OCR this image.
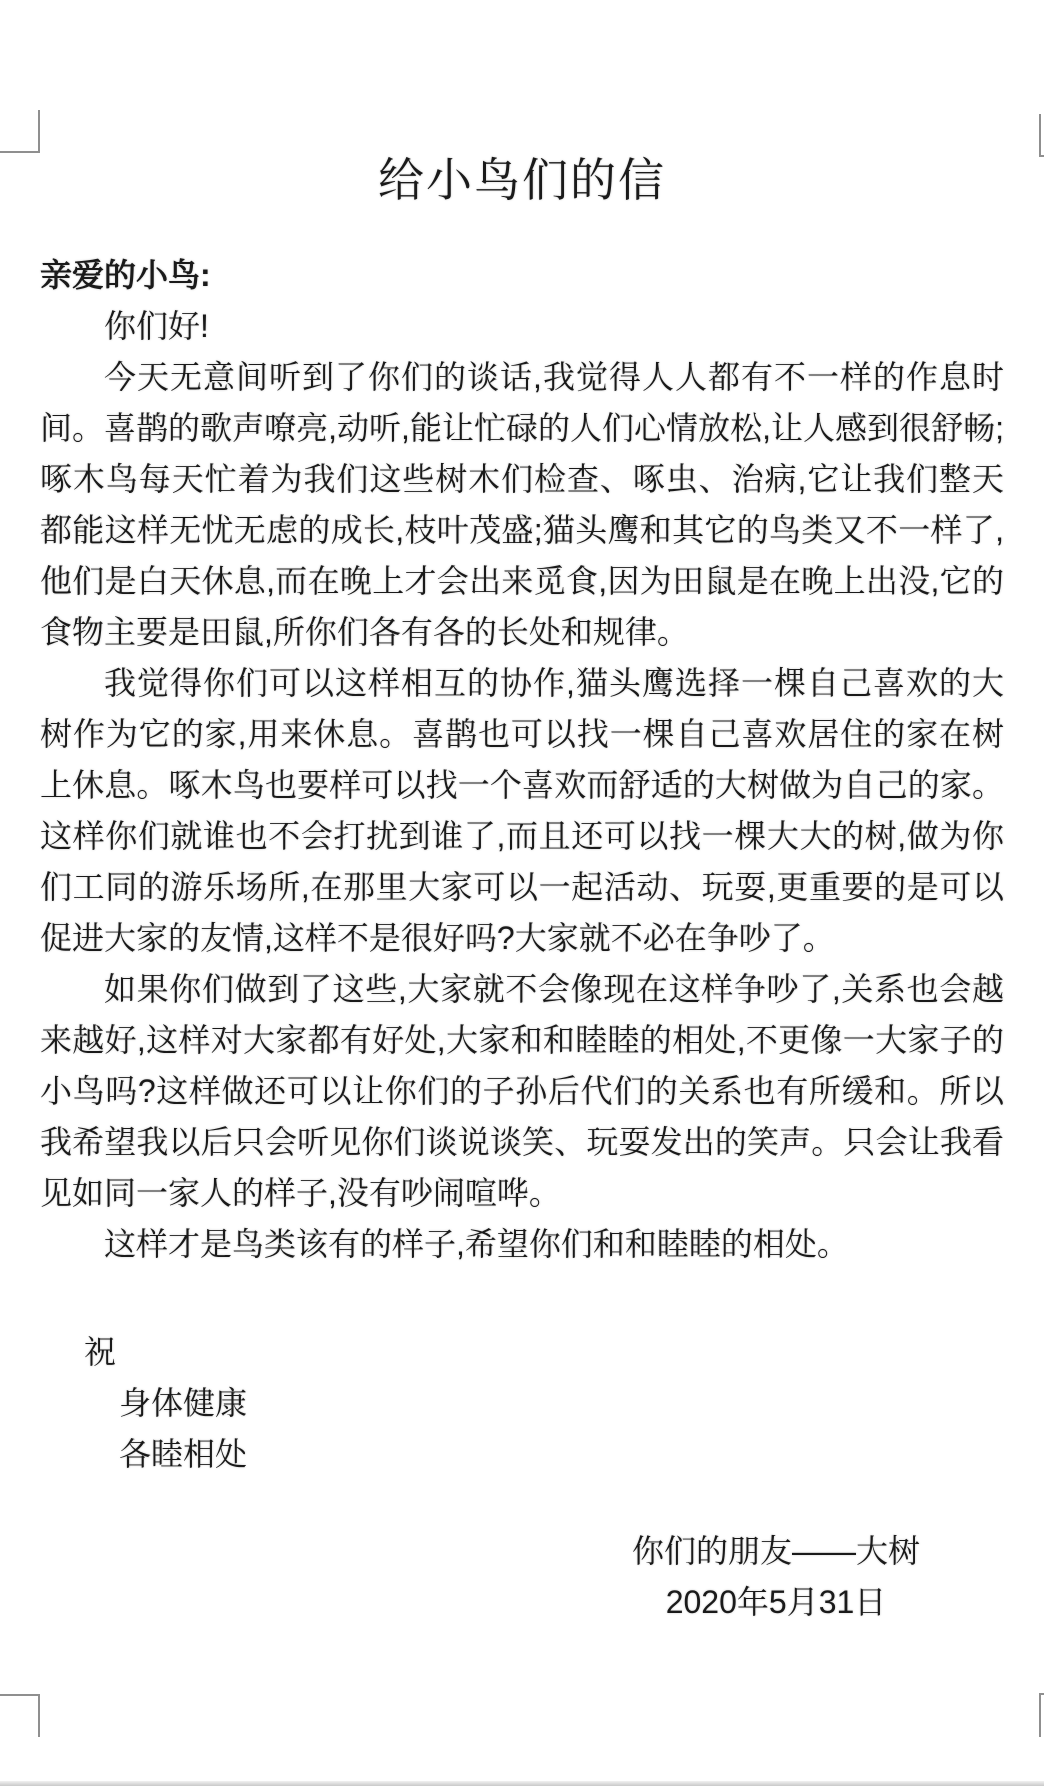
给小鸟们的信
亲爱的小鸟:

你们好!

今天无意间听到了你们的谈话,我觉得人人都有不一样的作息时间。喜鹊的歌声嘹亮,动听,能让忙碌的人们心情放松,让人感到很舒畅;啄木鸟每天忙着为我们这些树木们检查、啄虫、治病,它让我们整天都能这样无忧无虑的成长,枝叶茂盛;猫头鹰和其它的鸟类又不一样了,他们是白天休息,而在晚上才会出来觅食,因为田鼠是在晚上出没,它的食物主要是田鼠,所你们各有各的长处和规律。

我觉得你们可以这样相互的协作,猫头鹰选择一棵自己喜欢的大树作为它的家,用来休息。喜鹊也可以找一棵自己喜欢居住的家在树上休息。啄木鸟也要样可以找一个喜欢而舒适的大树做为自己的家。这样你们就谁也不会打扰到谁了,而且还可以找一棵大大的树,做为你们工同的游乐场所,在那里大家可以一起活动、玩耍,更重要的是可以促进大家的友情,这样不是很好吗?大家就不必在争吵了。

如果你们做到了这些,大家就不会像现在这样争吵了,关系也会越来越好,这样对大家都有好处,大家和和睦睦的相处,不更像一大家子的小鸟吗?这样做还可以让你们的子孙后代们的关系也有所缓和。所以我希望我以后只会听见你们谈说谈笑、玩耍发出的笑声。只会让我看见如同一家人的样子,没有吵闹喧哗。

这样才是鸟类该有的样子,希望你们和和睦睦的相处。

祝
身体健康
各睦相处
你们的朋友——大树
2020年5月31日
